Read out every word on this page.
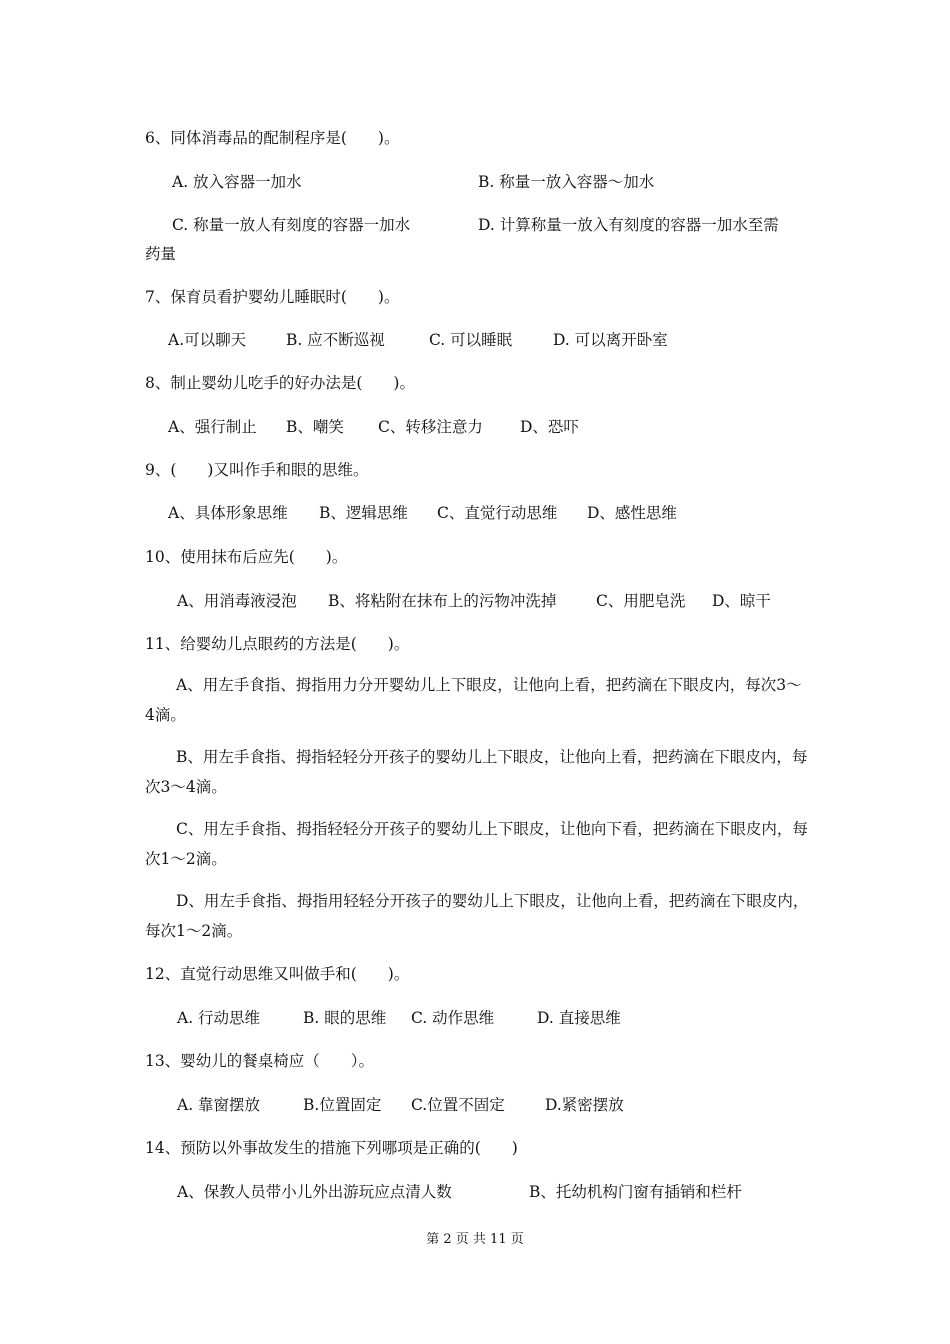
6、同体消毒品的配制程序是(　　)。
A. 放入容器一加水	B. 称量一放入容器～加水
C. 称量一放人有刻度的容器一加水	D. 计算称量一放入有刻度的容器一加水至需
药量
7、保育员看护婴幼儿睡眠时(　　)。
A.可以聊天	B. 应不断巡视	C. 可以睡眠	D. 可以离开卧室
8、制止婴幼儿吃手的好办法是(　　)。
A、强行制止 B、嘲笑 C、转移注意力 D、恐吓
9、(　　)又叫作手和眼的思维。
A、具体形象思维 B、逻辑思维 C、直觉行动思维 D、感性思维
10、使用抹布后应先(　　)。
A、用消毒液浸泡 B、将粘附在抹布上的污物冲洗掉	C、用肥皂洗 D、晾干
11、给婴幼儿点眼药的方法是(　　)。
A、用左手食指、拇指用力分开婴幼儿上下眼皮，让他向上看，把药滴在下眼皮内，每次3～4滴。
B、用左手食指、拇指轻轻分开孩子的婴幼儿上下眼皮，让他向上看，把药滴在下眼皮内，每次3～4滴。
C、用左手食指、拇指轻轻分开孩子的婴幼儿上下眼皮，让他向下看，把药滴在下眼皮内，每次1～2滴。
D、用左手食指、拇指用轻轻分开孩子的婴幼儿上下眼皮，让他向上看，把药滴在下眼皮内，每次1～2滴。
12、直觉行动思维又叫做手和(　　)。
A. 行动思维	B. 眼的思维 C. 动作思维	D. 直接思维
13、婴幼儿的餐桌椅应（　　）。
A. 靠窗摆放	B.位置固定 C.位置不固定	D.紧密摆放
14、预防以外事故发生的措施下列哪项是正确的(　　)
A、保教人员带小儿外出游玩应点清人数	B、托幼机构门窗有插销和栏杆
第 2 页 共 11 页
